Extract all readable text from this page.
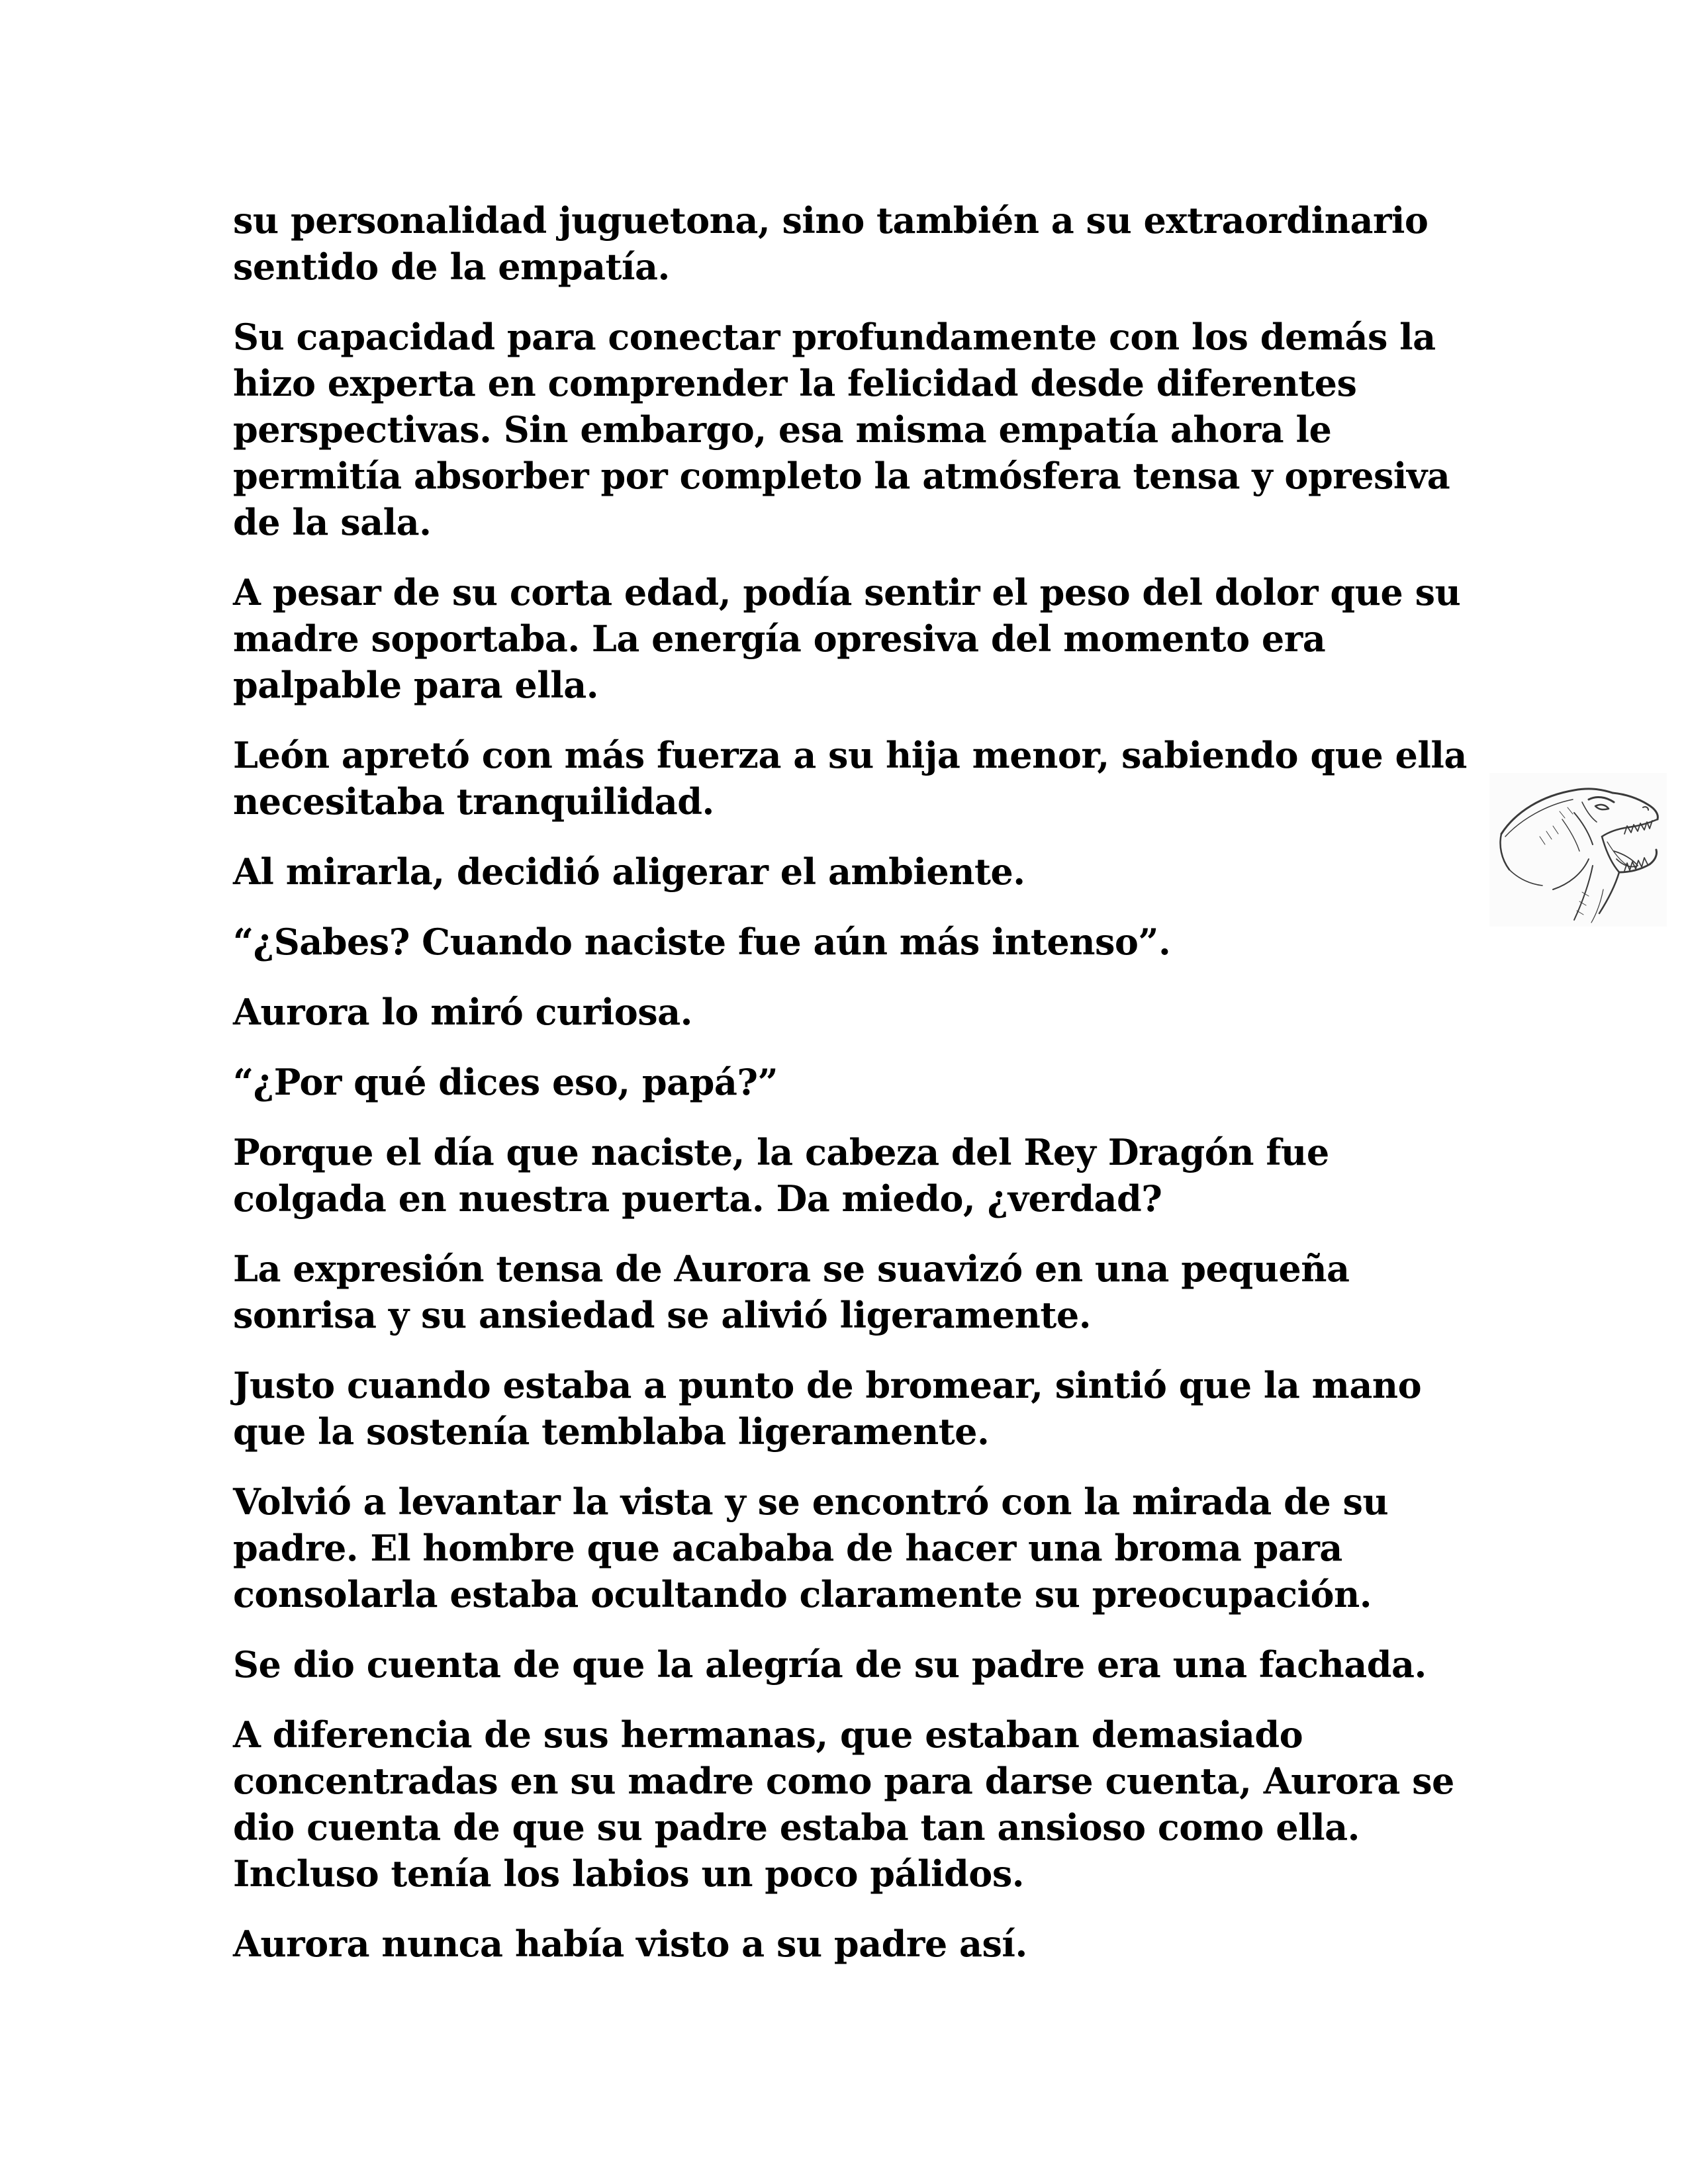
su personalidad juguetona, sino también a su extraordinario
sentido de la empatía.

Su capacidad para conectar profundamente con los demás la
hizo experta en comprender la felicidad desde diferentes
perspectivas. Sin embargo, esa misma empatía ahora le
permitía absorber por completo la atmósfera tensa y opresiva
de la sala.

A pesar de su corta edad, podía sentir el peso del dolor que su
madre soportaba. La energía opresiva del momento era
palpable para ella.

León apretó con más fuerza a su hija menor, sabiendo que ella
necesitaba tranquilidad.

Al mirarla, decidió aligerar el ambiente.

“¿Sabes? Cuando naciste fue aún más intenso”.

Aurora lo miró curiosa.

“¿Por qué dices eso, papá?”

Porque el día que naciste, la cabeza del Rey Dragón fue
colgada en nuestra puerta. Da miedo, ¿verdad?

La expresión tensa de Aurora se suavizó en una pequeña
sonrisa y su ansiedad se alivió ligeramente.

Justo cuando estaba a punto de bromear, sintió que la mano
que la sostenía temblaba ligeramente.

Volvió a levantar la vista y se encontró con la mirada de su
padre. El hombre que acababa de hacer una broma para
consolarla estaba ocultando claramente su preocupación.

Se dio cuenta de que la alegría de su padre era una fachada.

A diferencia de sus hermanas, que estaban demasiado
concentradas en su madre como para darse cuenta, Aurora se
dio cuenta de que su padre estaba tan ansioso como ella.
Incluso tenía los labios un poco pálidos.

Aurora nunca había visto a su padre así.
